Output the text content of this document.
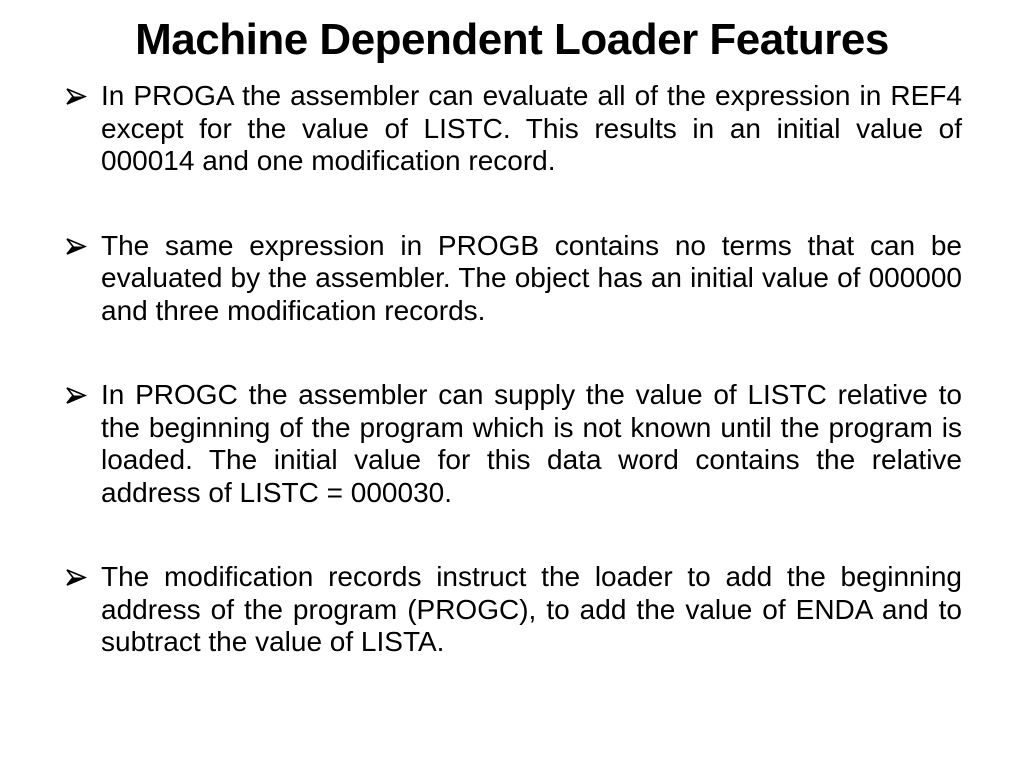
Machine Dependent Loader Features
In PROGA the assembler can evaluate all of the expression in REF4 except for the value of LISTC. This results in an initial value of 000014 and one modification record.
The same expression in PROGB contains no terms that can be evaluated by the assembler. The object has an initial value of 000000 and three modification records.
In PROGC the assembler can supply the value of LISTC relative to the beginning of the program which is not known until the program is loaded. The initial value for this data word contains the relative address of LISTC = 000030.
The modification records instruct the loader to add the beginning address of the program (PROGC), to add the value of ENDA and to subtract the value of LISTA.
